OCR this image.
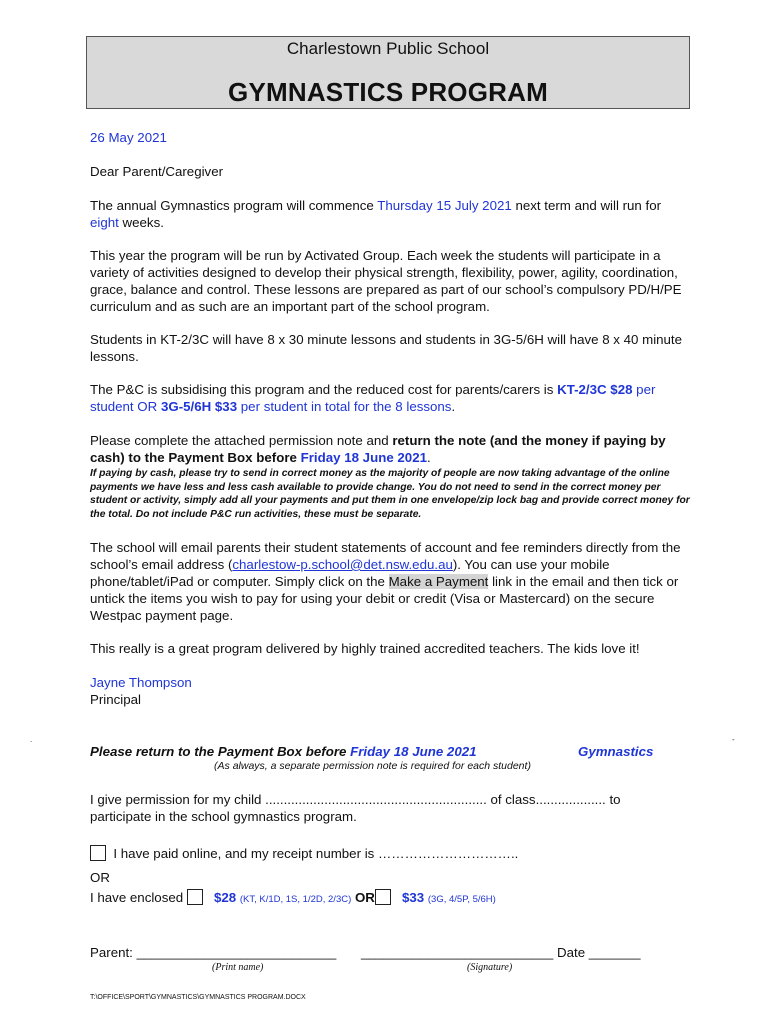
Charlestown Public School
GYMNASTICS PROGRAM
26 May 2021
Dear Parent/Caregiver
The annual Gymnastics program will commence Thursday 15 July 2021 next term and will run for eight weeks.
This year the program will be run by Activated Group. Each week the students will participate in a variety of activities designed to develop their physical strength, flexibility, power, agility, coordination, grace, balance and control. These lessons are prepared as part of our school’s compulsory PD/H/PE curriculum and as such are an important part of the school program.
Students in KT-2/3C will have 8 x 30 minute lessons and students in 3G-5/6H will have 8 x 40 minute lessons.
The P&C is subsidising this program and the reduced cost for parents/carers is KT-2/3C $28 per student OR 3G-5/6H $33 per student in total for the 8 lessons.
Please complete the attached permission note and return the note (and the money if paying by cash) to the Payment Box before Friday 18 June 2021.
If paying by cash, please try to send in correct money as the majority of people are now taking advantage of the online payments we have less and less cash available to provide change. You do not need to send in the correct money per student or activity, simply add all your payments and put them in one envelope/zip lock bag and provide correct money for the total. Do not include P&C run activities, these must be separate.
The school will email parents their student statements of account and fee reminders directly from the school’s email address (charlestow-p.school@det.nsw.edu.au). You can use your mobile phone/tablet/iPad or computer. Simply click on the Make a Payment link in the email and then tick or untick the items you wish to pay for using your debit or credit (Visa or Mastercard) on the secure Westpac payment page.
This really is a great program delivered by highly trained accredited teachers. The kids love it!
Jayne Thompson
Principal
.	-
Please return to the Payment Box before Friday 18 June 2021	Gymnastics
(As always, a separate permission note is required for each student)
I give permission for my child ............................................................ of class................... to
participate in the school gymnastics program.
I have paid online, and my receipt number is …………………………..
OR
I have enclosed $28 (KT, K/1D, 1S, 1/2D, 2/3C) OR $33 (3G, 4/5P, 5/6H)
Parent: ___________________________	__________________________ Date _______
(Print name)	(Signature)
T:\OFFICE\SPORT\GYMNASTICS\GYMNASTICS PROGRAM.DOCX
